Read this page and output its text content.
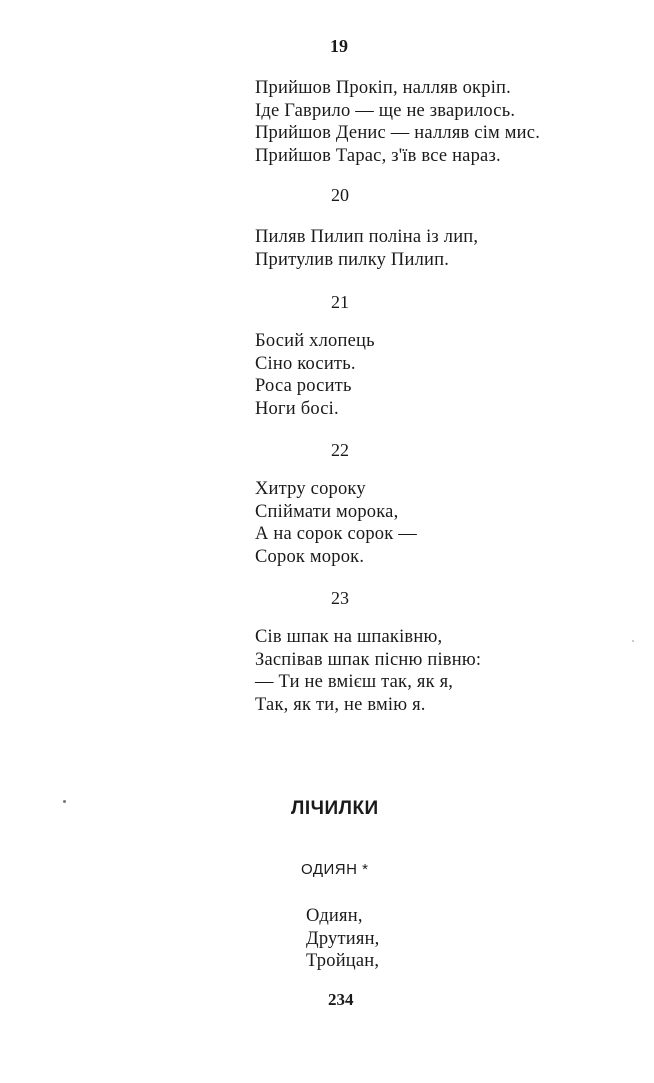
19
Прийшов Прокіп, налляв окріп.
Іде Гаврило — ще не зварилось.
Прийшов Денис — налляв сім мис.
Прийшов Тарас, з'їв все нараз.
20
Пиляв Пилип поліна із лип,
Притулив пилку Пилип.
21
Босий хлопець
Сіно косить.
Роса росить
Ноги босі.
22
Хитру сороку
Спіймати морока,
А на сорок сорок —
Сорок морок.
23
Сів шпак на шпаківню,
Заспівав шпак пісню півню:
— Ти не вмієш так, як я,
Так, як ти, не вмію я.
ЛІЧИЛКИ
ОДИЯН *
Одиян,
Друтиян,
Тройцан,
234
